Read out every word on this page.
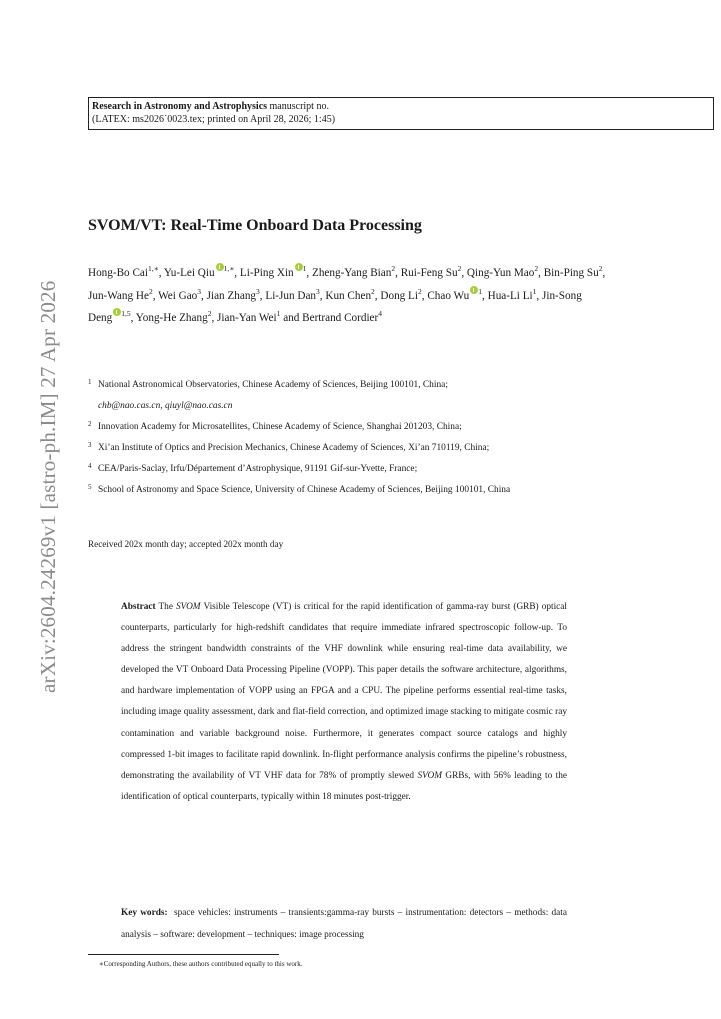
Research in Astronomy and Astrophysics manuscript no.
(LATEX: ms2026˙0023.tex; printed on April 28, 2026; 1:45)
arXiv:2604.24269v1 [astro-ph.IM] 27 Apr 2026
SVOM/VT: Real-Time Onboard Data Processing
Hong-Bo Cai$^{1,∗}$, Yu-Lei Qiu $^{1,∗}$, Li-Ping Xin $^1$, Zheng-Yang Bian$^2$, Rui-Feng Su$^2$, Qing-Yun Mao$^2$, Bin-Ping Su$^2$, Jun-Wang He$^2$, Wei Gao$^3$, Jian Zhang$^3$, Li-Jun Dan$^3$, Kun Chen$^2$, Dong Li$^2$, Chao Wu $^1$, Hua-Li Li$^1$, Jin-Song Deng $^{1,5}$, Yong-He Zhang$^2$, Jian-Yan Wei$^1$ and Bertrand Cordier$^4$
1 National Astronomical Observatories, Chinese Academy of Sciences, Beijing 100101, China;
chb@nao.cas.cn, qiuyl@nao.cas.cn
2 Innovation Academy for Microsatellites, Chinese Academy of Science, Shanghai 201203, China;
3 Xi’an Institute of Optics and Precision Mechanics, Chinese Academy of Sciences, Xi’an 710119, China;
4 CEA/Paris-Saclay, Irfu/Département d’Astrophysique, 91191 Gif-sur-Yvette, France;
5 School of Astronomy and Space Science, University of Chinese Academy of Sciences, Beijing 100101, China
Received 202x month day; accepted 202x month day
Abstract The SVOM Visible Telescope (VT) is critical for the rapid identification of gamma-ray burst (GRB) optical counterparts, particularly for high-redshift candidates that require immediate infrared spectroscopic follow-up. To address the stringent bandwidth constraints of the VHF downlink while ensuring real-time data availability, we developed the VT Onboard Data Processing Pipeline (VOPP). This paper details the software architecture, algorithms, and hardware implementation of VOPP using an FPGA and a CPU. The pipeline performs essential real-time tasks, including image quality assessment, dark and flat-field correction, and optimized image stacking to mitigate cosmic ray contamination and variable background noise. Furthermore, it generates compact source catalogs and highly compressed 1-bit images to facilitate rapid downlink. In-flight performance analysis confirms the pipeline’s robustness, demonstrating the availability of VT VHF data for 78% of promptly slewed SVOM GRBs, with 56% leading to the identification of optical counterparts, typically within 18 minutes post-trigger.
Key words: space vehicles: instruments – transients:gamma-ray bursts – instrumentation: detectors – methods: data analysis – software: development – techniques: image processing
∗Corresponding Authors, these authors contributed equally to this work.
